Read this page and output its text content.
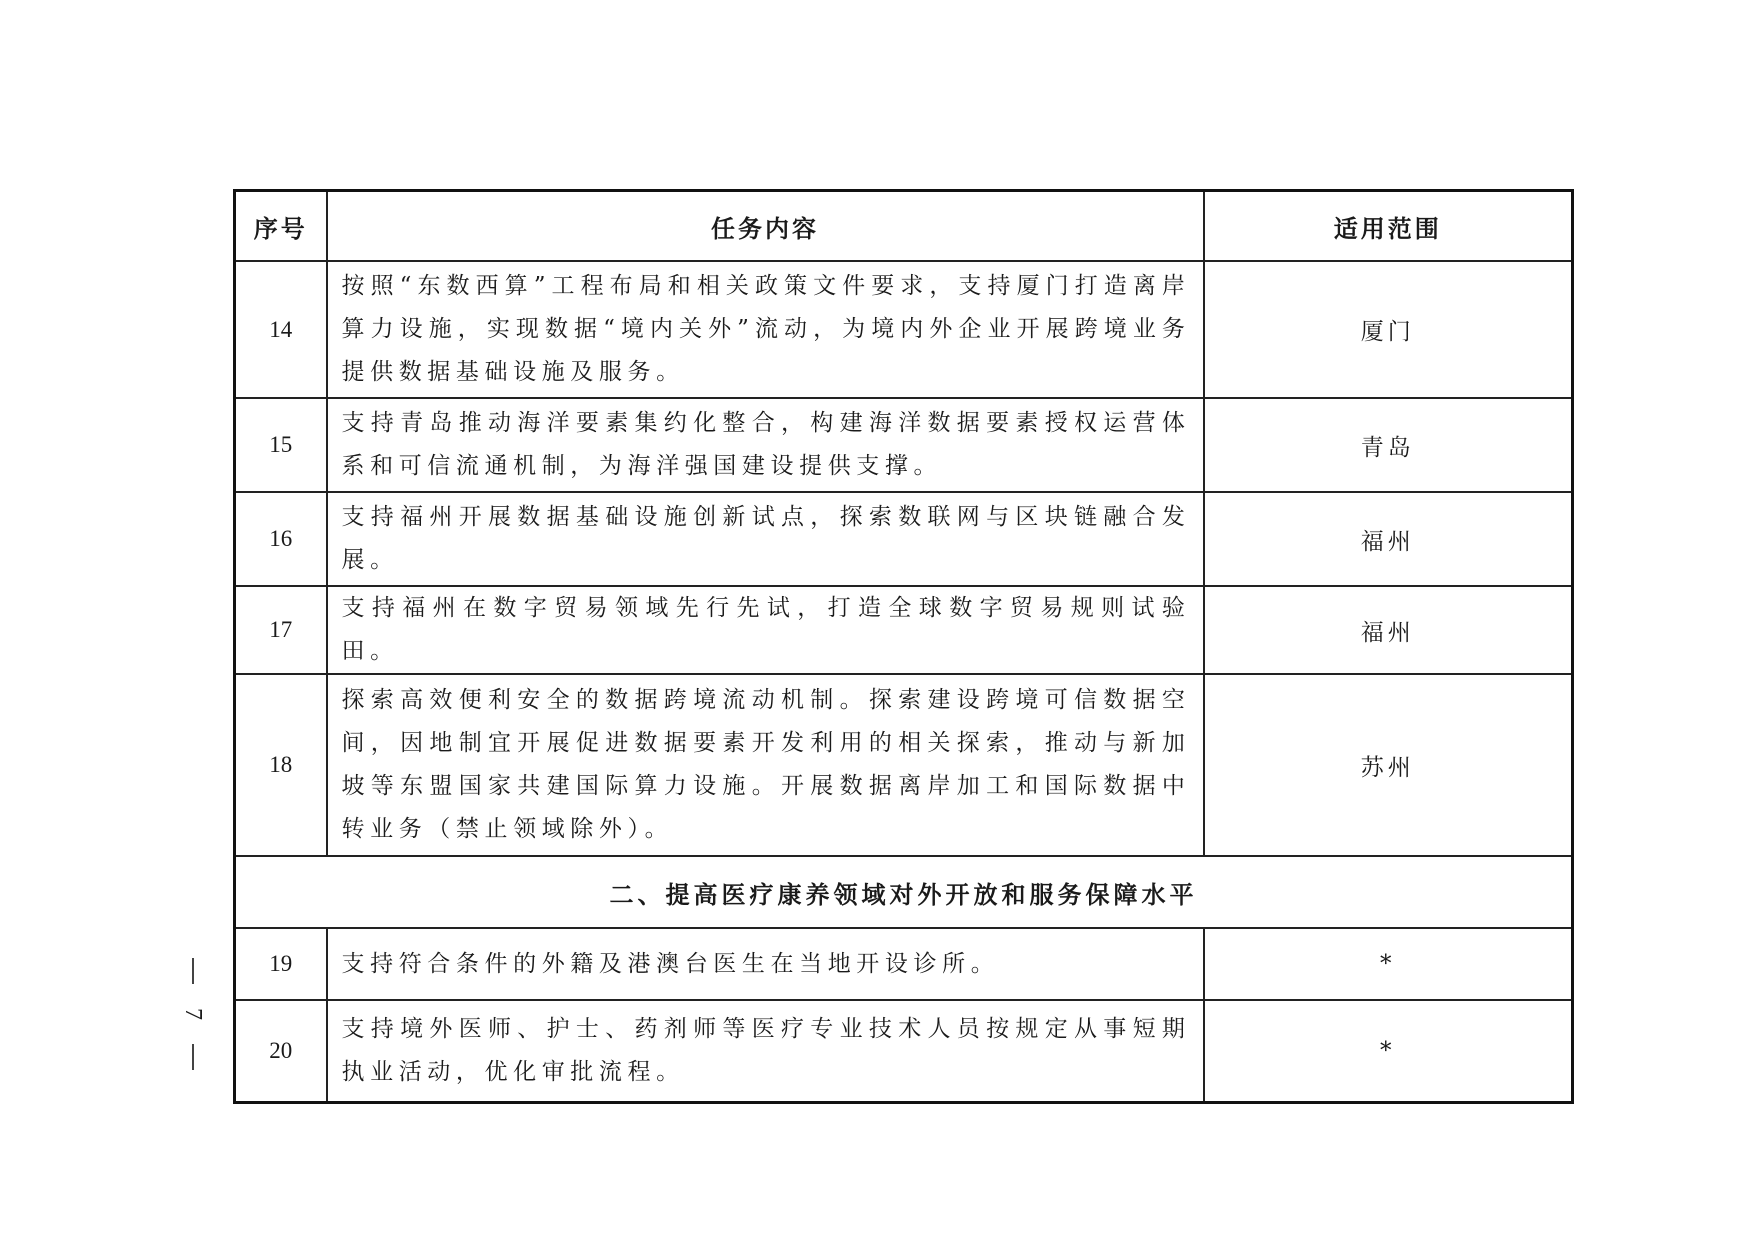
序号	任务内容	适用范围
14	按照“东数西算”工程布局和相关政策文件要求，支持厦门打造离岸算力设施，实现数据“境内关外”流动，为境内外企业开展跨境业务提供数据基础设施及服务。	厦门
15	支持青岛推动海洋要素集约化整合，构建海洋数据要素授权运营体系和可信流通机制，为海洋强国建设提供支撑。	青岛
16	支持福州开展数据基础设施创新试点，探索数联网与区块链融合发展。	福州
17	支持福州在数字贸易领域先行先试，打造全球数字贸易规则试验田。	福州
18	探索高效便利安全的数据跨境流动机制。探索建设跨境可信数据空间，因地制宜开展促进数据要素开发利用的相关探索，推动与新加坡等东盟国家共建国际算力设施。开展数据离岸加工和国际数据中转业务（禁止领域除外）。	苏州
二、提高医疗康养领域对外开放和服务保障水平		
19	支持符合条件的外籍及港澳台医生在当地开设诊所。	*
20	支持境外医师、护士、药剂师等医疗专业技术人员按规定从事短期执业活动，优化审批流程。	*
7
